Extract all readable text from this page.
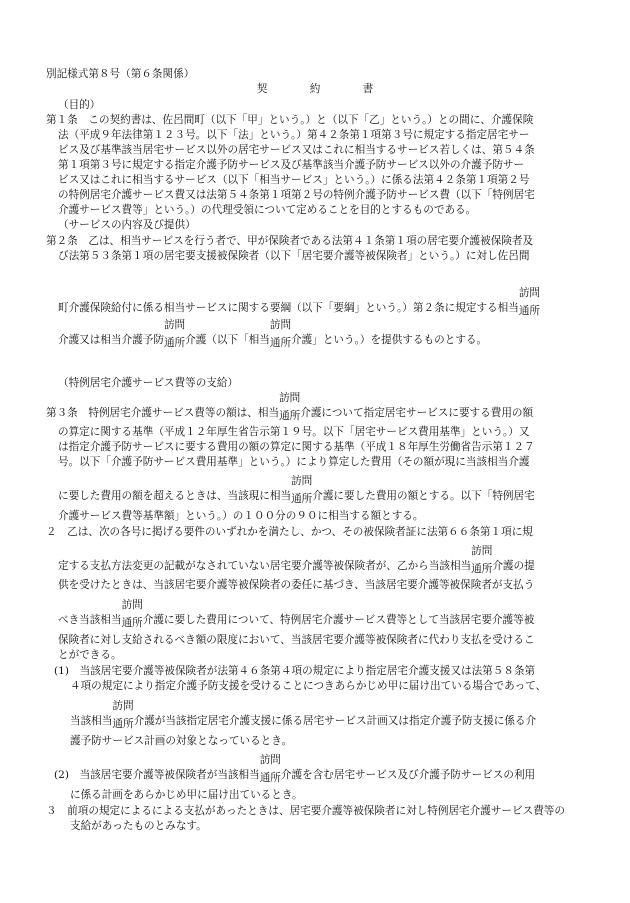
別記様式第８号（第６条関係）
契　　　　約　　　　書
（目的）
第１条　この契約書は、佐呂間町（以下「甲」という。）と（以下「乙」という。）との間に、介護保険
法（平成９年法律第１２３号。以下「法」という。）第４２条第１項第３号に規定する指定居宅サー
ビス及び基準該当居宅サービス以外の居宅サービス又はこれに相当するサービス若しくは、第５４条
第１項第３号に規定する指定介護予防サービス及び基準該当介護予防サービス以外の介護予防サー
ビス又はこれに相当するサービス（以下「相当サービス」という。）に係る法第４２条第１項第２号
の特例居宅介護サービス費又は法第５４条第１項第２号の特例介護予防サービス費（以下「特例居宅
介護サービス費等」という。）の代理受領について定めることを目的とするものである。
（サービスの内容及び提供）
第２条　乙は、相当サービスを行う者で、甲が保険者である法第４１条第１項の居宅要介護被保険者及
び法第５３条第１項の居宅要支援被保険者（以下「居宅要介護等被保険者」という。）に対し佐呂間
町介護保険給付に係る相当サービスに関する要綱（以下「要綱」という。）第２条に規定する相当
訪問
通所
介護又は相当介護予防
訪問
通所介護（以下「相当
訪問
通所介護」という。）を提供するものとする。
（特例居宅介護サービス費等の支給）
第３条　特例居宅介護サービス費等の額は、相当
訪問
通所介護について指定居宅サービスに要する費用の額
の算定に関する基準（平成１２年厚生省告示第１９号。以下「居宅サービス費用基準」という。）又
は指定介護予防サービスに要する費用の額の算定に関する基準（平成１８年厚生労働省告示第１２７
号。以下「介護予防サービス費用基準」という。）により算定した費用（その額が現に当該相当介護
に要した費用の額を超えるときは、当該現に相当
訪問
通所介護に要した費用の額とする。以下「特例居宅
介護サービス費等基準額」という。）の１００分の９０に相当する額とする。
２　乙は、次の各号に掲げる要件のいずれかを満たし、かつ、その被保険者証に法第６６条第１項に規
定する支払方法変更の記載がなされていない居宅要介護等被保険者が、乙から当該相当
訪問
通所介護の提
供を受けたときは、当該居宅要介護等被保険者の委任に基づき、当該居宅要介護等被保険者が支払う
べき当該相当
訪問
通所介護に要した費用について、特例居宅介護サービス費等として当該居宅要介護等被
保険者に対し支給されるべき額の限度において、当該居宅要介護等被保険者に代わり支払を受けるこ
とができる。
(1)　当該居宅要介護等被保険者が法第４６条第４項の規定により指定居宅介護支援又は法第５８条第
４項の規定により指定介護予防支援を受けることにつきあらかじめ甲に届け出ている場合であって、
当該相当
訪問
通所介護が当該指定居宅介護支援に係る居宅サービス計画又は指定介護予防支援に係る介
護予防サービス計画の対象となっているとき。
(2)　当該居宅要介護等被保険者が当該相当
訪問
通所介護を含む居宅サービス及び介護予防サービスの利用
に係る計画をあらかじめ甲に届け出ているとき。
３　前項の規定によるによる支払があったときは、居宅要介護等被保険者に対し特例居宅介護サービス費等の
支給があったものとみなす。
